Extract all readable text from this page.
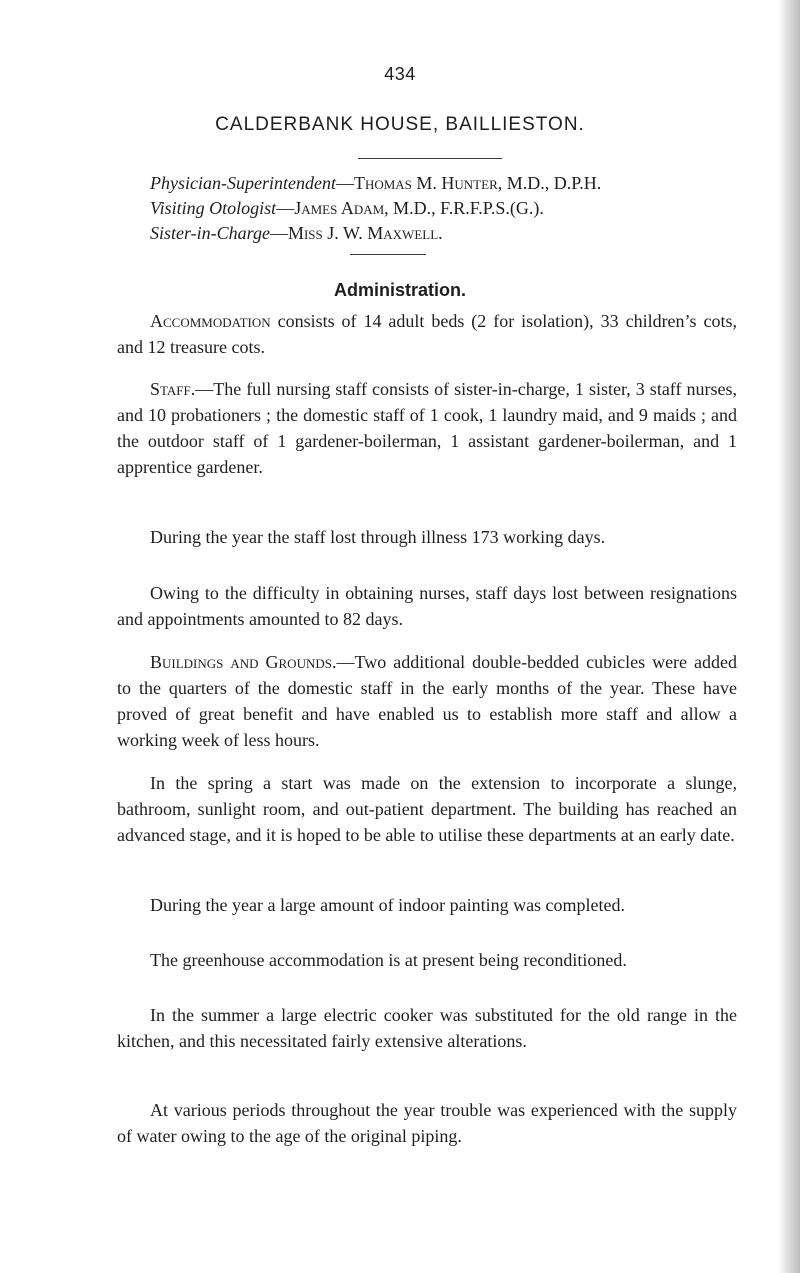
434
CALDERBANK HOUSE, BAILLIESTON.
Physician-Superintendent—Thomas M. Hunter, M.D., D.P.H.
Visiting Otologist—James Adam, M.D., F.R.F.P.S.(G.).
Sister-in-Charge—Miss J. W. Maxwell.
Administration.

Accommodation consists of 14 adult beds (2 for isolation), 33 children’s cots, and 12 treasure cots.

Staff.—The full nursing staff consists of sister-in-charge, 1 sister, 3 staff nurses, and 10 probationers ; the domestic staff of 1 cook, 1 laundry maid, and 9 maids ; and the outdoor staff of 1 gardener-boilerman, 1 assistant gardener-boilerman, and 1 apprentice gardener.

During the year the staff lost through illness 173 working days.

Owing to the difficulty in obtaining nurses, staff days lost between resignations and appointments amounted to 82 days.

Buildings and Grounds.—Two additional double-bedded cubicles were added to the quarters of the domestic staff in the early months of the year. These have proved of great benefit and have enabled us to establish more staff and allow a working week of less hours.

In the spring a start was made on the extension to incorporate a slunge, bathroom, sunlight room, and out-patient department. The building has reached an advanced stage, and it is hoped to be able to utilise these departments at an early date.

During the year a large amount of indoor painting was completed.

The greenhouse accommodation is at present being reconditioned.

In the summer a large electric cooker was substituted for the old range in the kitchen, and this necessitated fairly extensive alterations.

At various periods throughout the year trouble was experienced with the supply of water owing to the age of the original piping.
